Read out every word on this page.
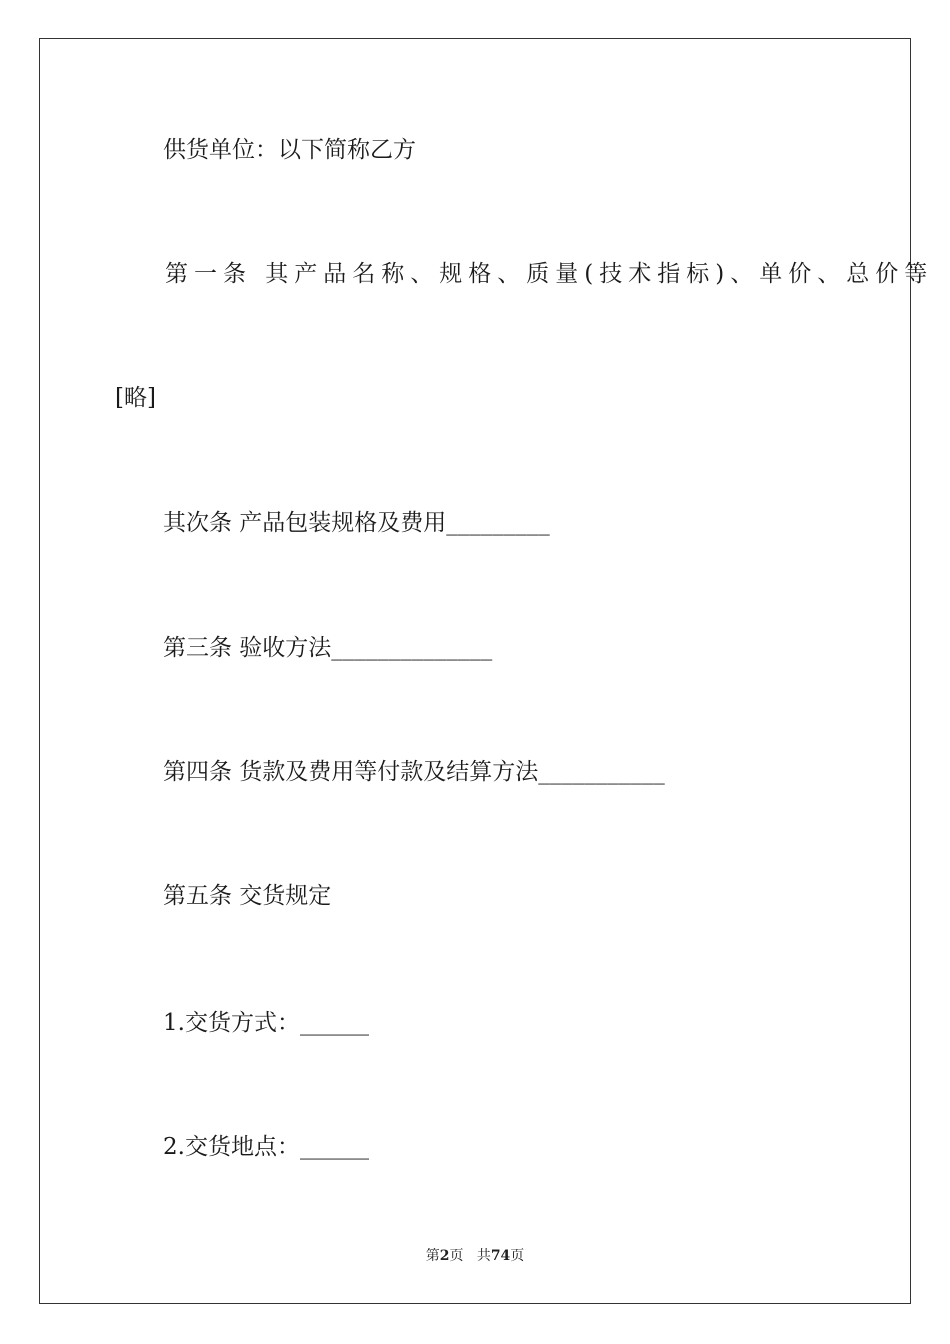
供货单位：以下简称乙方
第一条 其产品名称、规格、质量(技术指标)、单价、总价等
[略]
其次条 产品包装规格及费用_________
第三条 验收方法______________
第四条 货款及费用等付款及结算方法___________
第五条 交货规定
1.交货方式：______
2.交货地点：______
第2页 共74页
